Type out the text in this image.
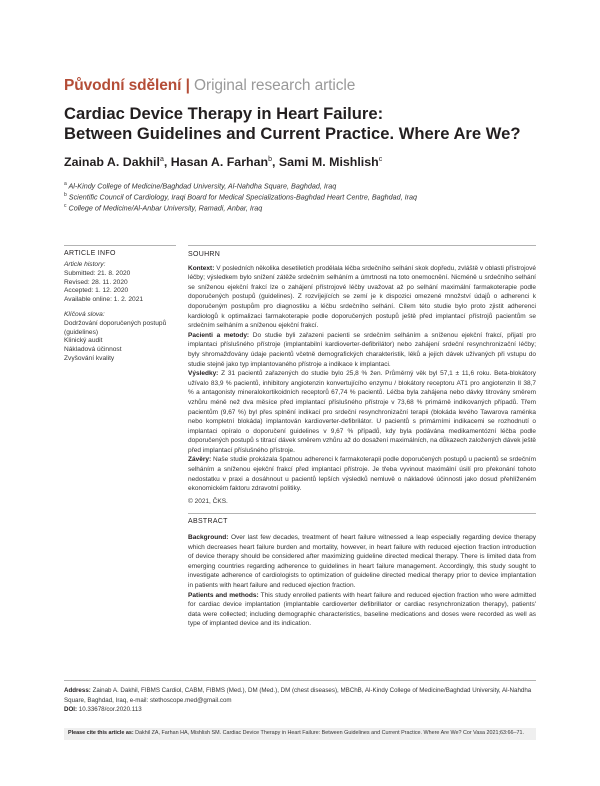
Původní sdělení | Original research article
Cardiac Device Therapy in Heart Failure:
Between Guidelines and Current Practice. Where Are We?
Zainab A. Dakhil$^a$, Hasan A. Farhan$^b$, Sami M. Mishlish$^c$
$^a$ Al-Kindy College of Medicine/Baghdad University, Al-Nahdha Square, Baghdad, Iraq
$^b$ Scientific Council of Cardiology, Iraqi Board for Medical Specializations-Baghdad Heart Centre, Baghdad, Iraq
$^c$ College of Medicine/Al-Anbar University, Ramadi, Anbar, Iraq
ARTICLE INFO
Article history:
Submitted: 21. 8. 2020
Revised: 28. 11. 2020
Accepted: 1. 12. 2020
Available online: 1. 2. 2021
Klíčová slova:
Dodržování doporučených postupů
(guidelines)
Klinický audit
Nákladová účinnost
Zvyšování kvality
SOUHRN

Kontext: V posledních několika desetiletích prodělala léčba srdečního selhání skok dopředu, zvláště v oblasti přístrojové léčby; výsledkem bylo snížení zátěže srdečním selháním a úmrtnosti na toto onemocnění. Nicméně u srdečního selhání se sníženou ejekční frakcí lze o zahájení přístrojové léčby uvažovat až po selhání maximální farmakoterapie podle doporučených postupů (guidelines). Z rozvíjejících se zemí je k dispozici omezené množství údajů o adherenci k doporučeným postupům pro diagnostiku a léčbu srdečního selhání. Cílem této studie bylo proto zjistit adherenci kardiologů k optimalizaci farmakoterapie podle doporučených postupů ještě před implantací přístrojů pacientům se srdečním selháním a sníženou ejekční frakcí.

Pacienti a metody: Do studie byli zařazeni pacienti se srdečním selháním a sníženou ejekční frakcí, přijatí pro implantaci příslušného přístroje (implantabilní kardioverter-defibrilátor) nebo zahájení srdeční resynchronizační léčby; byly shromažďovány údaje pacientů včetně demografických charakteristik, léků a jejich dávek užívaných při vstupu do studie stejně jako typ implantovaného přístroje a indikace k implantaci.

Výsledky: Z 31 pacientů zařazených do studie bylo 25,8 % žen. Průměrný věk byl 57,1 ± 11,6 roku. Beta-blokátory užívalo 83,9 % pacientů, inhibitory angiotenzin konvertujícího enzymu / blokátory receptoru AT1 pro angiotenzin II 38,7 % a antagonisty mineralokortikoidních receptorů 67,74 % pacientů. Léčba byla zahájena nebo dávky titrovány směrem vzhůru méně než dva měsíce před implantací příslušného přístroje v 73,68 % primárně indikovaných případů. Třem pacientům (9,67 %) byl přes splnění indikací pro srdeční resynchronizační terapii (blokáda levého Tawarova raménka nebo kompletní blokáda) implantován kardioverter-defibrilátor. U pacientů s primárními indikacemi se rozhodnutí o implantaci opíralo o doporučení guidelines v 9,67 % případů, kdy byla podávána medikamentózní léčba podle doporučených postupů s titrací dávek směrem vzhůru až do dosažení maximálních, na důkazech založených dávek ještě před implantací příslušného přístroje.

Závěry: Naše studie prokázala špatnou adherenci k farmakoterapii podle doporučených postupů u pacientů se srdečním selháním a sníženou ejekční frakcí před implantací přístroje. Je třeba vyvinout maximální úsilí pro překonání tohoto nedostatku v praxi a dosáhnout u pacientů lepších výsledků nemluvě o nákladové účinnosti jako dosud přehlíženém ekonomickém faktoru zdravotní politiky.

© 2021, ČKS.

ABSTRACT

Background: Over last few decades, treatment of heart failure witnessed a leap especially regarding device therapy which decreases heart failure burden and mortality, however, in heart failure with reduced ejection fraction introduction of device therapy should be considered after maximizing guideline directed medical therapy. There is limited data from emerging countries regarding adherence to guidelines in heart failure management. Accordingly, this study sought to investigate adherence of cardiologists to optimization of guideline directed medical therapy prior to device implantation in patients with heart failure and reduced ejection fraction.

Patients and methods: This study enrolled patients with heart failure and reduced ejection fraction who were admitted for cardiac device implantation (implantable cardioverter defibrillator or cardiac resynchronization therapy), patients' data were collected; including demographic characteristics, baseline medications and doses were recorded as well as type of implanted device and its indication.

Address: Zainab A. Dakhil, FIBMS Cardiol, CABM, FIBMS (Med.), DM (Med.), DM (chest diseases), MBChB, Al-Kindy College of Medicine/Baghdad University, Al-Nahdha Square, Baghdad, Iraq, e-mail: stethoscope.med@gmail.com
DOI: 10.33678/cor.2020.113
Please cite this article as: Dakhil ZA, Farhan HA, Mishlish SM. Cardiac Device Therapy in Heart Failure: Between Guidelines and Current Practice. Where Are We? Cor Vasa 2021;63:66–71.
